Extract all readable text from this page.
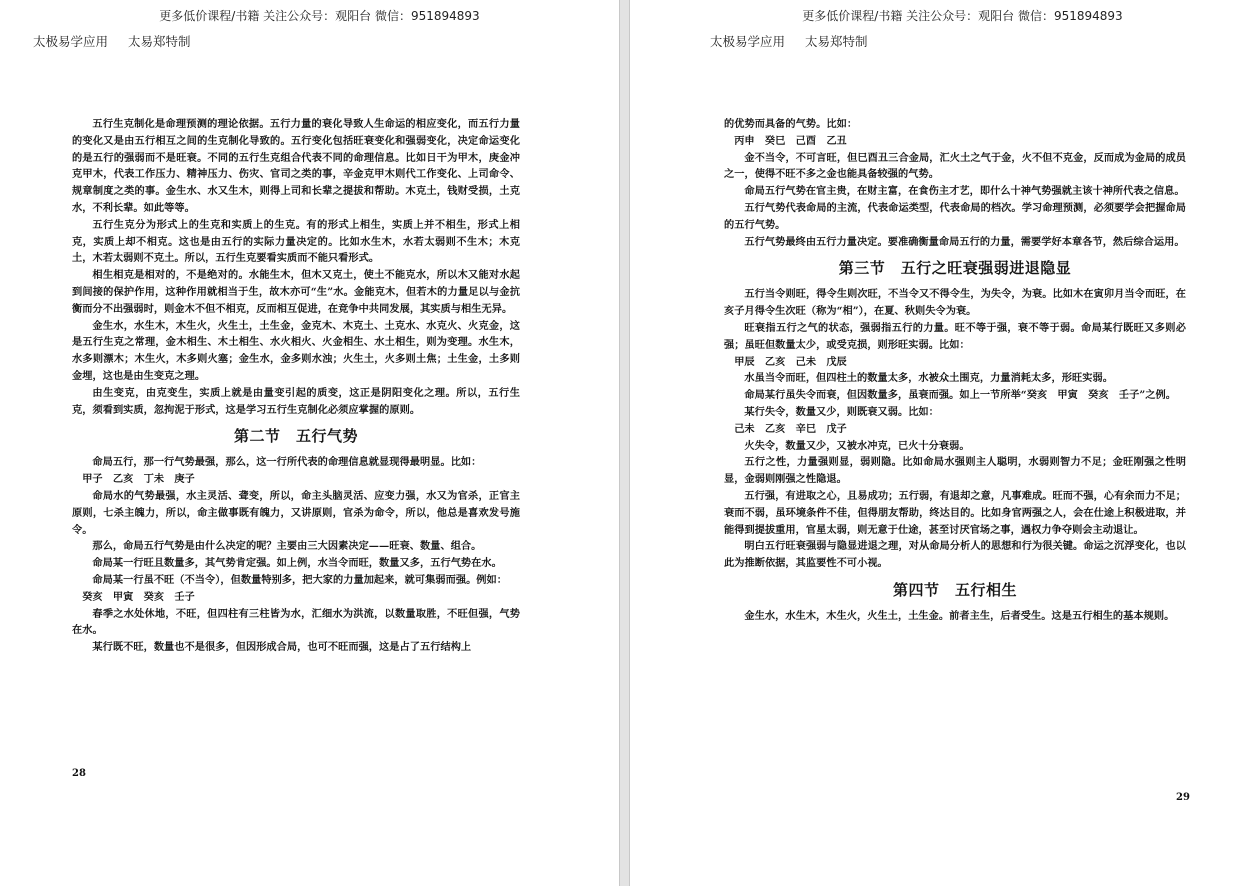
更多低价课程/书籍 关注公众号：观阳台 微信：951894893
太极易学应用 太易郑特制

五行生克制化是命理预测的理论依据。五行力量的衰化导致人生命运的相应变化，而五行力量的变化又是由五行相互之间的生克制化导致的。五行变化包括旺衰变化和强弱变化，决定命运变化的是五行的强弱而不是旺衰。不同的五行生克组合代表不同的命理信息。比如日干为甲木，庚金冲克甲木，代表工作压力、精神压力、伤灾、官司之类的事，辛金克甲木则代工作变化、上司命令、规章制度之类的事。金生水、水又生木，则得上司和长辈之提拔和帮助。木克土，钱财受损，土克水，不利长辈。如此等等。

五行生克分为形式上的生克和实质上的生克。有的形式上相生，实质上并不相生，形式上相克，实质上却不相克。这也是由五行的实际力量决定的。比如水生木，水若太弱则不生木；木克土，木若太弱则不克土。所以，五行生克要看实质而不能只看形式。

相生相克是相对的，不是绝对的。水能生木，但木又克土，使土不能克水，所以木又能对水起到间接的保护作用，这种作用就相当于生，故木亦可“生”水。金能克木，但若木的力量足以与金抗衡而分不出强弱时，则金木不但不相克，反而相互促进，在竞争中共同发展，其实质与相生无异。

金生水，水生木，木生火，火生土，土生金，金克木、木克土、土克水、水克火、火克金，这是五行生克之常理，金木相生、木土相生、水火相火、火金相生、水土相生，则为变理。水生木，水多则漂木；木生火，木多则火塞；金生水，金多则水浊；火生土，火多则土焦；土生金，土多则金埋，这也是由生变克之理。

由生变克，由克变生，实质上就是由量变引起的质变，这正是阴阳变化之理。所以，五行生克，须看到实质，忽拘泥于形式，这是学习五行生克制化必须应掌握的原则。

第二节　五行气势

命局五行，那一行气势最强，那么，这一行所代表的命理信息就显现得最明显。比如：

甲子　乙亥　丁未　庚子

命局水的气势最强，水主灵活、聋变，所以，命主头脑灵活、应变力强，水又为官杀，正官主原则，七杀主魄力，所以，命主做事既有魄力，又讲原则，官杀为命令，所以，他总是喜欢发号施令。

那么，命局五行气势是由什么决定的呢？主要由三大因素决定——旺衰、数量、组合。

命局某一行旺且数量多，其气势肯定强。如上例，水当令而旺，数量又多，五行气势在水。

命局某一行虽不旺（不当令），但数量特别多，把大家的力量加起来，就可集弱而强。例如：

癸亥　甲寅　癸亥　壬子

春季之水处休地，不旺，但四柱有三柱皆为水，汇细水为洪流，以数量取胜，不旺但强，气势在水。

某行既不旺，数量也不是很多，但因形成合局，也可不旺而强，这是占了五行结构上

28
更多低价课程/书籍 关注公众号：观阳台 微信：951894893
太极易学应用 太易郑特制

的优势而具备的气势。比如：

丙申　癸巳　己酉　乙丑

金不当令，不可言旺，但巳酉丑三合金局，汇火土之气于金，火不但不克金，反而成为金局的成员之一，使得不旺不多之金也能具备较强的气势。

命局五行气势在官主贵，在财主富，在食伤主才艺，即什么十神气势强就主该十神所代表之信息。

五行气势代表命局的主流，代表命运类型，代表命局的档次。学习命理预测，必须要学会把握命局的五行气势。

五行气势最终由五行力量决定。要准确衡量命局五行的力量，需要学好本章各节，然后综合运用。

第三节　五行之旺衰强弱进退隐显

五行当令则旺，得令生则次旺，不当令又不得令生，为失令，为衰。比如木在寅卯月当令而旺，在亥子月得令生次旺（称为“相”），在夏、秋则失令为衰。

旺衰指五行之气的状态，强弱指五行的力量。旺不等于强，衰不等于弱。命局某行既旺又多则必强；虽旺但数量太少，或受克损，则形旺实弱。比如：

甲辰　乙亥　己未　戊辰

水虽当令而旺，但四柱土的数量太多，水被众土围克，力量消耗太多，形旺实弱。

命局某行虽失令而衰，但因数量多，虽衰而强。如上一节所举“癸亥　甲寅　癸亥　壬子”之例。

某行失令，数量又少，则既衰又弱。比如：

己未　乙亥　辛巳　戊子

火失令，数量又少，又被水冲克，已火十分衰弱。

五行之性，力量强则显，弱则隐。比如命局水强则主人聪明，水弱则智力不足；金旺刚强之性明显，金弱则刚强之性隐退。

五行强，有进取之心，且易成功；五行弱，有退却之意，凡事难成。旺而不强，心有余而力不足；衰而不弱，虽环境条件不佳，但得朋友帮助，终达目的。比如身官两强之人，会在仕途上积极进取，并能得到提拔重用，官星太弱，则无意于仕途，甚至讨厌官场之事，遇权力争夺则会主动退让。

明白五行旺衰强弱与隐显进退之理，对从命局分析人的思想和行为很关键。命运之沉浮变化，也以此为推断依据，其监要性不可小视。

第四节　五行相生

金生水，水生木，木生火，火生土，土生金。前者主生，后者受生。这是五行相生的基本规则。

29
